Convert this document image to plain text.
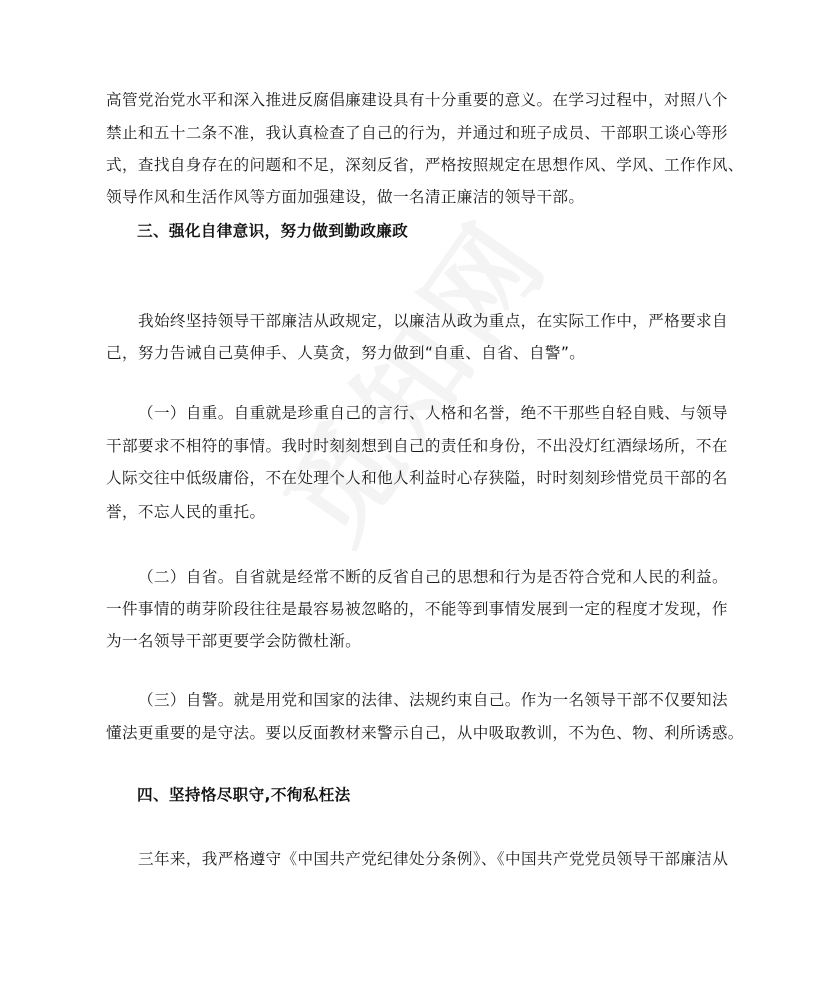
高管党治党水平和深入推进反腐倡廉建设具有十分重要的意义。在学习过程中，对照八个
禁止和五十二条不准，我认真检查了自己的行为，并通过和班子成员、干部职工谈心等形
式，查找自身存在的问题和不足，深刻反省，严格按照规定在思想作风、学风、工作作风、
领导作风和生活作风等方面加强建设，做一名清正廉洁的领导干部。
三、强化自律意识，努力做到勤政廉政
我始终坚持领导干部廉洁从政规定，以廉洁从政为重点，在实际工作中，严格要求自
己，努力告诫自己莫伸手、人莫贪，努力做到“自重、自省、自警”。
（一）自重。自重就是珍重自己的言行、人格和名誉，绝不干那些自轻自贱、与领导
干部要求不相符的事情。我时时刻刻想到自己的责任和身份，不出没灯红酒绿场所，不在
人际交往中低级庸俗，不在处理个人和他人利益时心存狭隘，时时刻刻珍惜党员干部的名
誉，不忘人民的重托。
（二）自省。自省就是经常不断的反省自己的思想和行为是否符合党和人民的利益。
一件事情的萌芽阶段往往是最容易被忽略的，不能等到事情发展到一定的程度才发现，作
为一名领导干部更要学会防微杜渐。
（三）自警。就是用党和国家的法律、法规约束自己。作为一名领导干部不仅要知法
懂法更重要的是守法。要以反面教材来警示自己，从中吸取教训，不为色、物、利所诱惑。
四、坚持恪尽职守,不徇私枉法
三年来，我严格遵守《中国共产党纪律处分条例》、《中国共产党党员领导干部廉洁从
